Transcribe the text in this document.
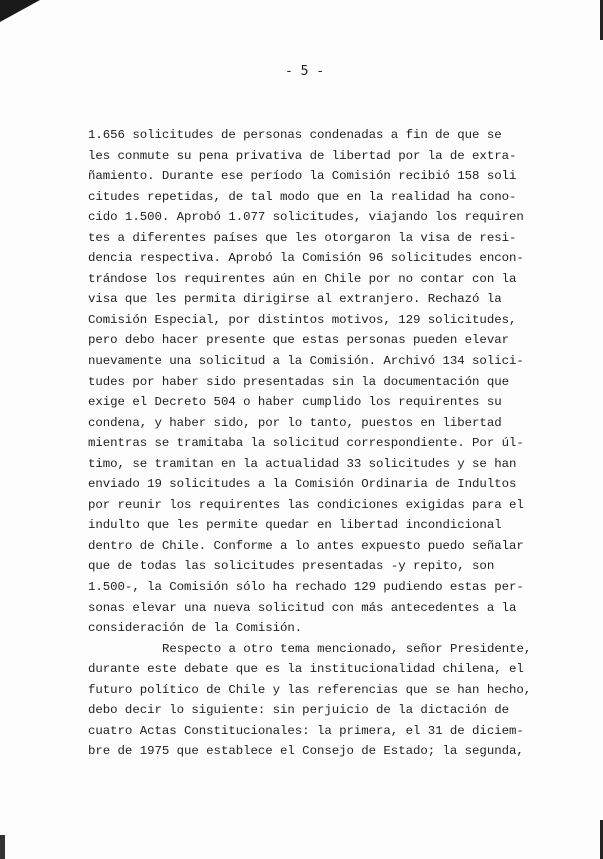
- 5 -
1.656 solicitudes de personas condenadas a fin de que se
les conmute su pena privativa de libertad por la de extra-
ñamiento. Durante ese período la Comisión recibió 158 soli
citudes repetidas, de tal modo que en la realidad ha cono-
cido 1.500. Aprobó 1.077 solicitudes, viajando los requiren
tes a diferentes países que les otorgaron la visa de resi-
dencia respectiva. Aprobó la Comisión 96 solicitudes encon-
trándose los requirentes aún en Chile por no contar con la
visa que les permita dirigirse al extranjero. Rechazó la
Comisión Especial, por distintos motivos, 129 solicitudes,
pero debo hacer presente que estas personas pueden elevar
nuevamente una solicitud a la Comisión. Archivó 134 solici-
tudes por haber sido presentadas sin la documentación que
exige el Decreto 504 o haber cumplido los requirentes su
condena, y haber sido, por lo tanto, puestos en libertad
mientras se tramitaba la solicitud correspondiente. Por úl-
timo, se tramitan en la actualidad 33 solicitudes y se han
enviado 19 solicitudes a la Comisión Ordinaria de Indultos
por reunir los requirentes las condiciones exigidas para el
indulto que les permite quedar en libertad incondicional
dentro de Chile. Conforme a lo antes expuesto puedo señalar
que de todas las solicitudes presentadas -y repito, son
1.500-, la Comisión sólo ha rechado 129 pudiendo estas per-
sonas elevar una nueva solicitud con más antecedentes a la
consideración de la Comisión.
Respecto a otro tema mencionado, señor Presidente,
durante este debate que es la institucionalidad chilena, el
futuro político de Chile y las referencias que se han hecho,
debo decir lo siguiente: sin perjuicio de la dictación de
cuatro Actas Constitucionales: la primera, el 31 de diciem-
bre de 1975 que establece el Consejo de Estado; la segunda,
